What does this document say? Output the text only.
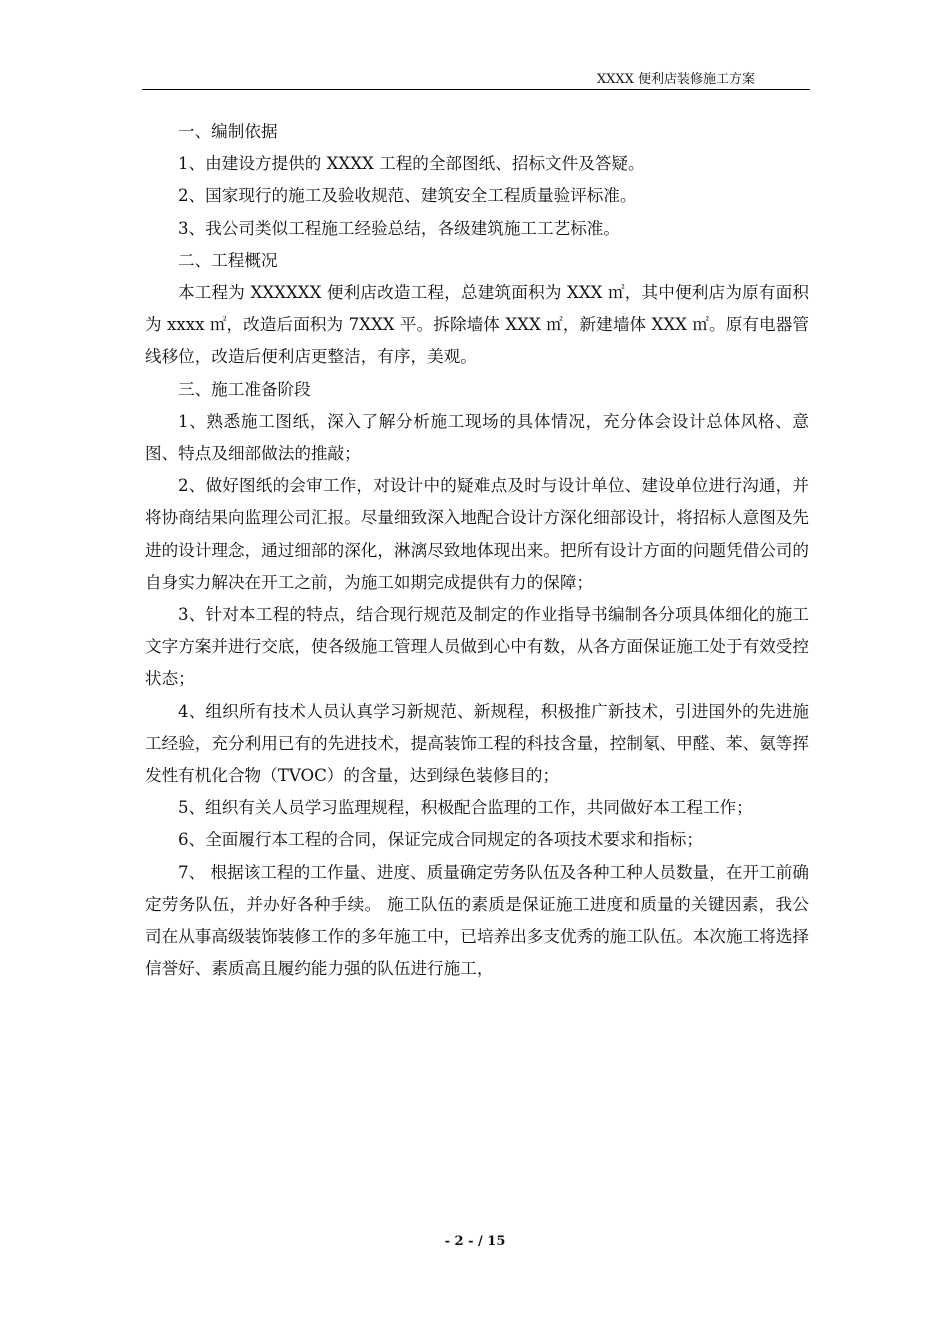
XXXX 便利店装修施工方案

一、编制依据

1、由建设方提供的 XXXX 工程的全部图纸、招标文件及答疑。

2、国家现行的施工及验收规范、建筑安全工程质量验评标准。

3、我公司类似工程施工经验总结，各级建筑施工工艺标准。

二、工程概况

本工程为 XXXXXX 便利店改造工程，总建筑面积为 XXX ㎡，其中便利店为原有面积为 xxxx ㎡，改造后面积为 7XXX 平。拆除墙体 XXX ㎡，新建墙体 XXX ㎡。原有电器管线移位，改造后便利店更整洁，有序，美观。

三、施工准备阶段

1、熟悉施工图纸，深入了解分析施工现场的具体情况，充分体会设计总体风格、意图、特点及细部做法的推敲；

2、做好图纸的会审工作，对设计中的疑难点及时与设计单位、建设单位进行沟通，并将协商结果向监理公司汇报。尽量细致深入地配合设计方深化细部设计，将招标人意图及先进的设计理念，通过细部的深化，淋漓尽致地体现出来。把所有设计方面的问题凭借公司的自身实力解决在开工之前，为施工如期完成提供有力的保障；

3、针对本工程的特点，结合现行规范及制定的作业指导书编制各分项具体细化的施工文字方案并进行交底，使各级施工管理人员做到心中有数，从各方面保证施工处于有效受控状态；

4、组织所有技术人员认真学习新规范、新规程，积极推广新技术，引进国外的先进施工经验，充分利用已有的先进技术，提高装饰工程的科技含量，控制氡、甲醛、苯、氨等挥发性有机化合物（TVOC）的含量，达到绿色装修目的；

5、组织有关人员学习监理规程，积极配合监理的工作，共同做好本工程工作；

6、全面履行本工程的合同，保证完成合同规定的各项技术要求和指标；

7、 根据该工程的工作量、进度、质量确定劳务队伍及各种工种人员数量，在开工前确定劳务队伍，并办好各种手续。 施工队伍的素质是保证施工进度和质量的关键因素，我公司在从事高级装饰装修工作的多年施工中，已培养出多支优秀的施工队伍。本次施工将选择信誉好、素质高且履约能力强的队伍进行施工，

- 2 - / 15
